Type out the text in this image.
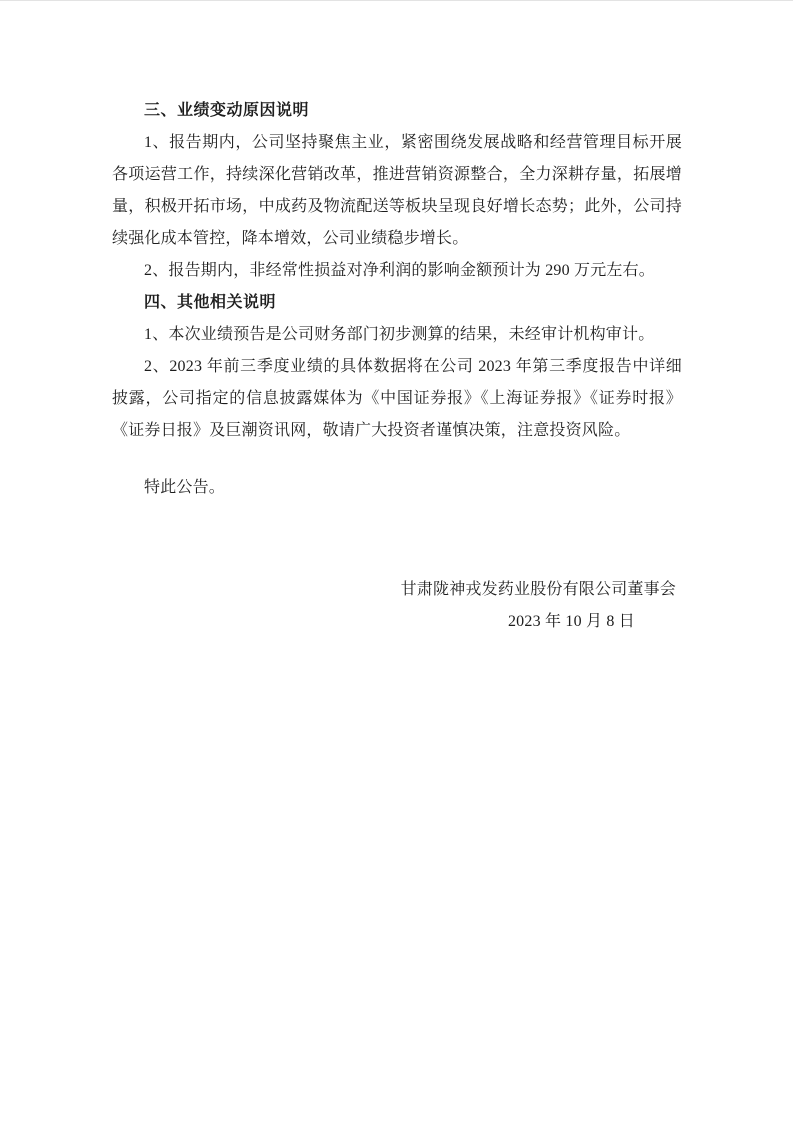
三、业绩变动原因说明

1、报告期内，公司坚持聚焦主业，紧密围绕发展战略和经营管理目标开展各项运营工作，持续深化营销改革，推进营销资源整合，全力深耕存量，拓展增量，积极开拓市场，中成药及物流配送等板块呈现良好增长态势；此外，公司持续强化成本管控，降本增效，公司业绩稳步增长。

2、报告期内，非经常性损益对净利润的影响金额预计为 290 万元左右。

四、其他相关说明

1、本次业绩预告是公司财务部门初步测算的结果，未经审计机构审计。

2、2023 年前三季度业绩的具体数据将在公司 2023 年第三季度报告中详细披露，公司指定的信息披露媒体为《中国证券报》《上海证券报》《证券时报》《证券日报》及巨潮资讯网，敬请广大投资者谨慎决策，注意投资风险。

特此公告。

甘肃陇神戎发药业股份有限公司董事会

2023 年 10 月 8 日
